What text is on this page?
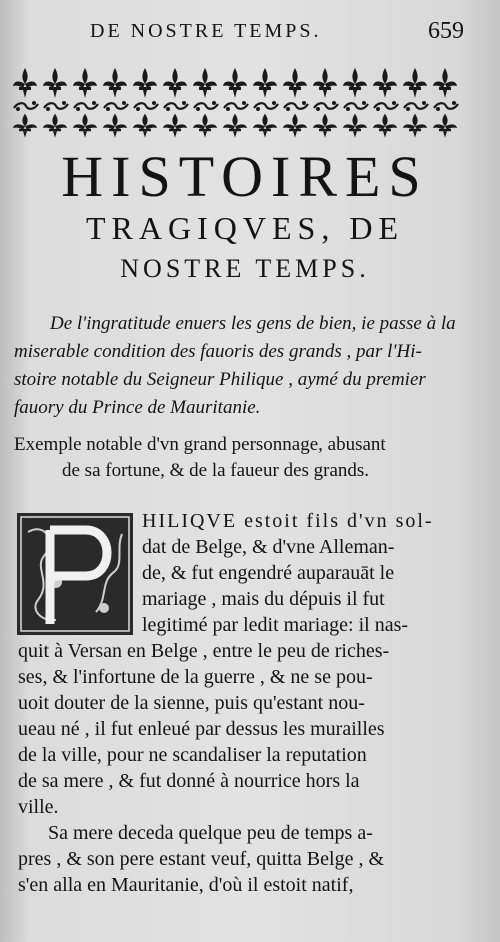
DE NOSTRE TEMPS.	659
HISTOIRES
TRAGIQVES, DE
NOSTRE TEMPS.
De l'ingratitude enuers les gens de bien, ie passe à la
miserable condition des fauoris des grands , par l'Hi-
stoire notable du Seigneur Philique , aymé du premier
fauory du Prince de Mauritanie.
Exemple notable d'vn grand personnage, abusant
de sa fortune, & de la faueur des grands.
HILIQVE estoit fils d'vn sol-
dat de Belge, & d'vne Alleman-
de, & fut engendré auparauāt le
mariage , mais du dépuis il fut
legitimé par ledit mariage: il nas-
quit à Versan en Belge , entre le peu de riches-
ses, & l'infortune de la guerre , & ne se pou-
uoit douter de la sienne, puis qu'estant nou-
ueau né , il fut enleué par dessus les murailles
de la ville, pour ne scandaliser la reputation
de sa mere , & fut donné à nourrice hors la
ville.
Sa mere deceda quelque peu de temps a-
pres , & son pere estant veuf, quitta Belge , &
s'en alla en Mauritanie, d'où il estoit natif,
